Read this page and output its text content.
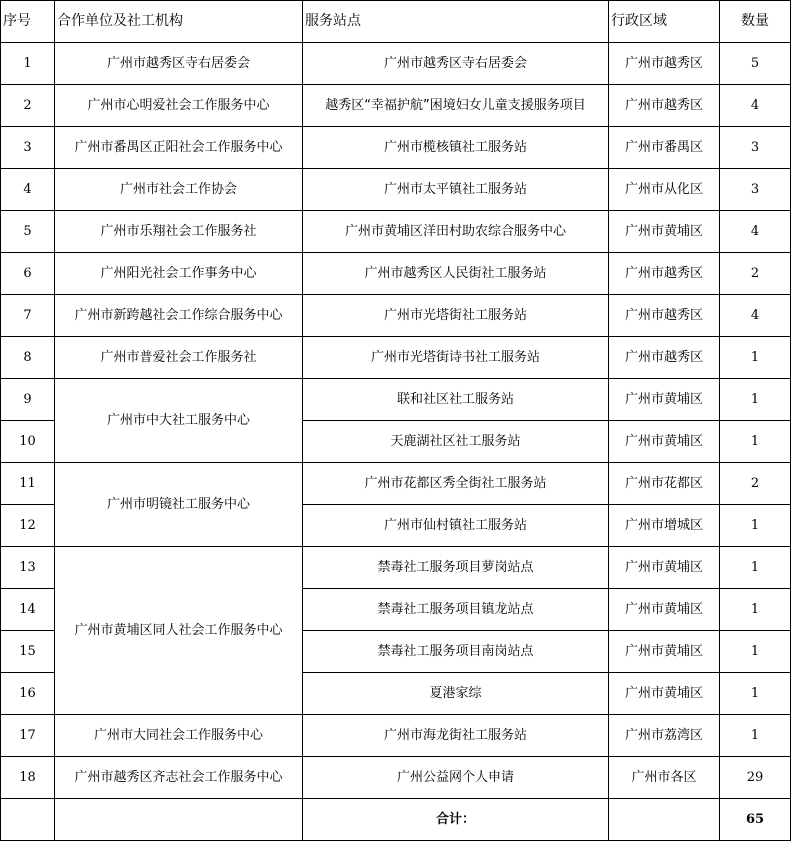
序号	合作单位及社工机构	服务站点	行政区域	数量
1	广州市越秀区寺右居委会	广州市越秀区寺右居委会	广州市越秀区	5
2	广州市心明爱社会工作服务中心	越秀区“幸福护航”困境妇女儿童支援服务项目	广州市越秀区	4
3	广州市番禺区正阳社会工作服务中心	广州市榄核镇社工服务站	广州市番禺区	3
4	广州市社会工作协会	广州市太平镇社工服务站	广州市从化区	3
5	广州市乐翔社会工作服务社	广州市黄埔区洋田村助农综合服务中心	广州市黄埔区	4
6	广州阳光社会工作事务中心	广州市越秀区人民街社工服务站	广州市越秀区	2
7	广州市新跨越社会工作综合服务中心	广州市光塔街社工服务站	广州市越秀区	4
8	广州市普爱社会工作服务社	广州市光塔街诗书社工服务站	广州市越秀区	1
9	广州市中大社工服务中心	联和社区社工服务站	广州市黄埔区	1
10		天鹿湖社区社工服务站	广州市黄埔区	1
11	广州市明镜社工服务中心	广州市花都区秀全街社工服务站	广州市花都区	2
12		广州市仙村镇社工服务站	广州市增城区	1
13	广州市黄埔区同人社会工作服务中心	禁毒社工服务项目萝岗站点	广州市黄埔区	1
14		禁毒社工服务项目镇龙站点	广州市黄埔区	1
15		禁毒社工服务项目南岗站点	广州市黄埔区	1
16		夏港家综	广州市黄埔区	1
17	广州市大同社会工作服务中心	广州市海龙街社工服务站	广州市荔湾区	1
18	广州市越秀区齐志社会工作服务中心	广州公益网个人申请	广州市各区	29
		合计：		65
